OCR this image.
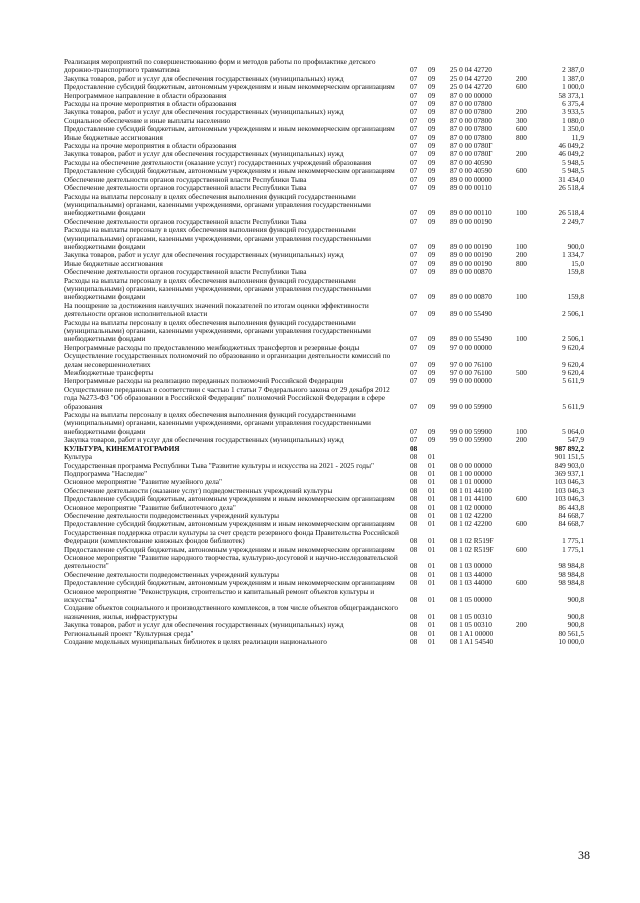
Реализация мероприятий по совершенствованию форм и методов работы по профилактике детского дорожно-транспортного травматизма	07	09	25 0 04 42720		2 387,0
Закупка товаров, работ и услуг для обеспечения государственных (муниципальных) нужд	07	09	25 0 04 42720	200	1 387,0
Предоставление субсидий бюджетным, автономным учреждениям и иным некоммерческим организациям	07	09	25 0 04 42720	600	1 000,0
Непрограммное направление в области образования	07	09	87 0 00 00000		58 373,1
Расходы на прочие мероприятия в области образования	07	09	87 0 00 07800		6 375,4
Закупка товаров, работ и услуг для обеспечения государственных (муниципальных) нужд	07	09	87 0 00 07800	200	3 933,5
Социальное обеспечение и иные выплаты населению	07	09	87 0 00 07800	300	1 080,0
Предоставление субсидий бюджетным, автономным учреждениям и иным некоммерческим организациям	07	09	87 0 00 07800	600	1 350,0
Иные бюджетные ассигнования	07	09	87 0 00 07800	800	11,9
Расходы на прочие мероприятия в области образования	07	09	87 0 00 0780Г		46 049,2
Закупка товаров, работ и услуг для обеспечения государственных (муниципальных) нужд	07	09	87 0 00 0780Г	200	46 049,2
Расходы на обеспечение деятельности (оказание услуг) государственных учреждений образования	07	09	87 0 00 40590		5 948,5
Предоставление субсидий бюджетным, автономным учреждениям и иным некоммерческим организациям	07	09	87 0 00 40590	600	5 948,5
Обеспечение деятельности органов государственной власти Республики Тыва	07	09	89 0 00 00000		31 434,0
Обеспечение деятельности органов государственной власти Республики Тыва	07	09	89 0 00 00110		26 518,4
Расходы на выплаты персоналу в целях обеспечения выполнения функций государственными (муниципальными) органами, казенными учреждениями, органами управления государственными внебюджетными фондами	07	09	89 0 00 00110	100	26 518,4
Обеспечение деятельности органов государственной власти Республики Тыва	07	09	89 0 00 00190		2 249,7
Расходы на выплаты персоналу в целях обеспечения выполнения функций государственными (муниципальными) органами, казенными учреждениями, органами управления государственными внебюджетными фондами	07	09	89 0 00 00190	100	900,0
Закупка товаров, работ и услуг для обеспечения государственных (муниципальных) нужд	07	09	89 0 00 00190	200	1 334,7
Иные бюджетные ассигнования	07	09	89 0 00 00190	800	15,0
Обеспечение деятельности органов государственной власти Республики Тыва	07	09	89 0 00 00870		159,8
Расходы на выплаты персоналу в целях обеспечения выполнения функций государственными (муниципальными) органами, казенными учреждениями, органами управления государственными внебюджетными фондами	07	09	89 0 00 00870	100	159,8
На поощрение за достижения наилучших значений показателей по итогам оценки эффективности деятельности органов исполнительной власти	07	09	89 0 00 55490		2 506,1
Расходы на выплаты персоналу в целях обеспечения выполнения функций государственными (муниципальными) органами, казенными учреждениями, органами управления государственными внебюджетными фондами	07	09	89 0 00 55490	100	2 506,1
Непрограммные расходы по предоставлению межбюджетных трансфертов и резервные фонды	07	09	97 0 00 00000		9 620,4
Осуществление государственных полномочий по образованию и организации деятельности комиссий по делам несовершеннолетних	07	09	97 0 00 76100		9 620,4
Межбюджетные трансферты	07	09	97 0 00 76100	500	9 620,4
Непрограммные расходы на реализацию переданных полномочий Российской Федерации	07	09	99 0 00 00000		5 611,9
Осуществление переданных в соответствии с частью 1 статьи 7 Федерального закона от 29 декабря 2012 года №273-ФЗ "Об образовании в Российской Федерации" полномочий Российской Федерации в сфере образования	07	09	99 0 00 59900		5 611,9
Расходы на выплаты персоналу в целях обеспечения выполнения функций государственными (муниципальными) органами, казенными учреждениями, органами управления государственными внебюджетными фондами	07	09	99 0 00 59900	100	5 064,0
Закупка товаров, работ и услуг для обеспечения государственных (муниципальных) нужд	07	09	99 0 00 59900	200	547,9
КУЛЬТУРА, КИНЕМАТОГРАФИЯ	08				987 892,2
Культура	08	01			901 151,5
Государственная программа Республики Тыва "Развитие культуры и искусства на 2021 - 2025 годы"	08	01	08 0 00 00000		849 903,0
Подпрограмма "Наследие"	08	01	08 1 00 00000		369 937,1
Основное мероприятие "Развитие музейного дела"	08	01	08 1 01 00000		103 046,3
Обеспечение деятельности (оказание услуг) подведомственных учреждений культуры	08	01	08 1 01 44100		103 046,3
Предоставление субсидий бюджетным, автономным учреждениям и иным некоммерческим организациям	08	01	08 1 01 44100	600	103 046,3
Основное мероприятие "Развитие библиотечного дела"	08	01	08 1 02 00000		86 443,8
Обеспечение деятельности подведомственных учреждений культуры	08	01	08 1 02 42200		84 668,7
Предоставление субсидий бюджетным, автономным учреждениям и иным некоммерческим организациям	08	01	08 1 02 42200	600	84 668,7
Государственная поддержка отрасли культуры за счет средств резервного фонда Правительства Российской Федерации (комплектование книжных фондов библиотек)	08	01	08 1 02 R519F		1 775,1
Предоставление субсидий бюджетным, автономным учреждениям и иным некоммерческим организациям	08	01	08 1 02 R519F	600	1 775,1
Основное мероприятие "Развитие народного творчества, культурно-досуговой и научно-исследовательской деятельности"	08	01	08 1 03 00000		98 984,8
Обеспечение деятельности подведомственных учреждений культуры	08	01	08 1 03 44000		98 984,8
Предоставление субсидий бюджетным, автономным учреждениям и иным некоммерческим организациям	08	01	08 1 03 44000	600	98 984,8
Основное мероприятие "Реконструкция, строительство и капитальный ремонт объектов культуры и искусства"	08	01	08 1 05 00000		900,8
Создание объектов социального и производственного комплексов, в том числе объектов общегражданского назначения, жилья, инфраструктуры	08	01	08 1 05 00310		900,8
Закупка товаров, работ и услуг для обеспечения государственных (муниципальных) нужд	08	01	08 1 05 00310	200	900,8
Региональный проект "Культурная среда"	08	01	08 1 A1 00000		80 561,5
Создание модельных муниципальных библиотек в целях реализации национального	08	01	08 1 A1 54540		10 000,0
38
